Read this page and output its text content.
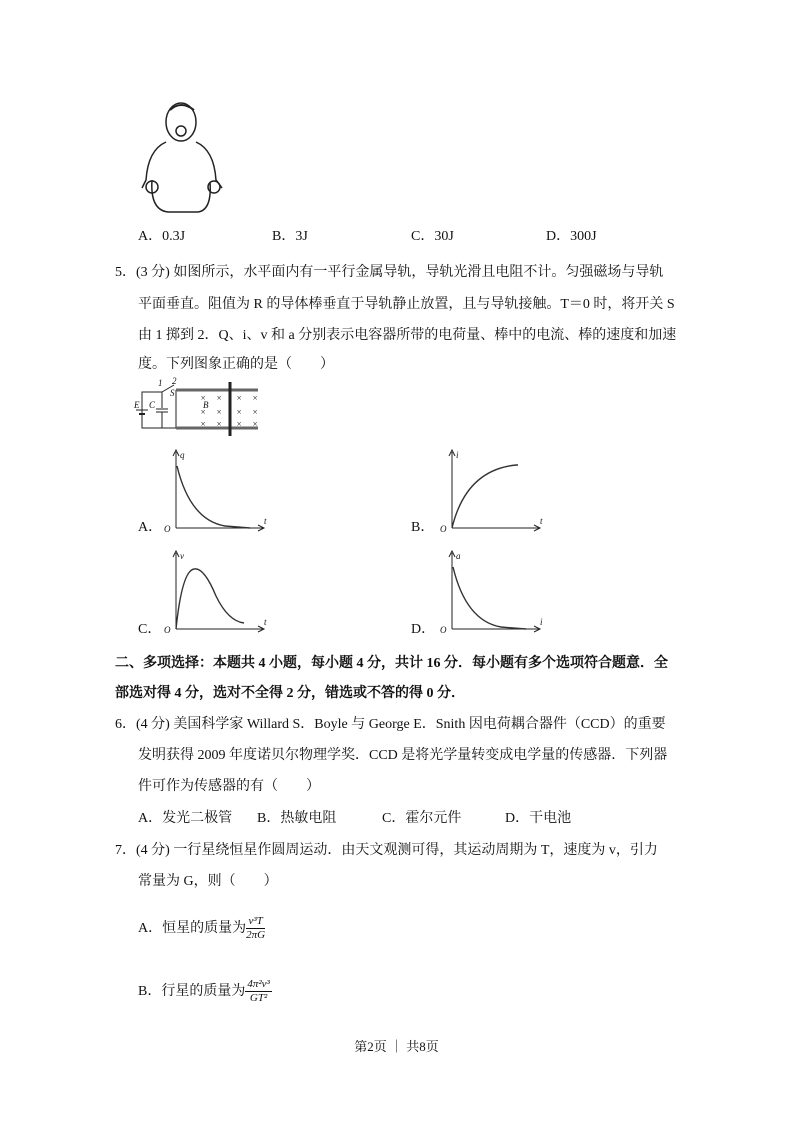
A．0.3J	B．3J	C．30J	D．300J
5．(3 分) 如图所示，水平面内有一平行金属导轨，导轨光滑且电阻不计。匀强磁场与导轨
平面垂直。阻值为 R 的导体棒垂直于导轨静止放置，且与导轨接触。T＝0 时，将开关 S
由 1 掷到 2．Q、i、v 和 a 分别表示电容器所带的电荷量、棒中的电流、棒的速度和加速
度。下列图象正确的是（　　）
E C
S
1 2
B
× × × ×
× × × ×
× × × ×
A． O
q
t	B． O
i
t
C． O
v
t	D． O
a
i
二、多项选择：本题共 4 小题，每小题 4 分，共计 16 分．每小题有多个选项符合题意．全
部选对得 4 分，选对不全得 2 分，错选或不答的得 0 分．
6．(4 分) 美国科学家 Willard S．Boyle 与 George E．Snith 因电荷耦合器件（CCD）的重要
发明获得 2009 年度诺贝尔物理学奖．CCD 是将光学量转变成电学量的传感器．下列器
件可作为传感器的有（　　）
A．发光二极管 B．热敏电阻	C．霍尔元件	D．干电池
7．(4 分) 一行星绕恒星作圆周运动．由天文观测可得，其运动周期为 T，速度为 v，引力
常量为 G，则（　　）
A．恒星的质量为 $\frac{\text{v³T}}{2\pi G}$
B．行星的质量为 $\frac{\text{4π²v³}}{\text{GT²}}$
第2页 ｜ 共8页
